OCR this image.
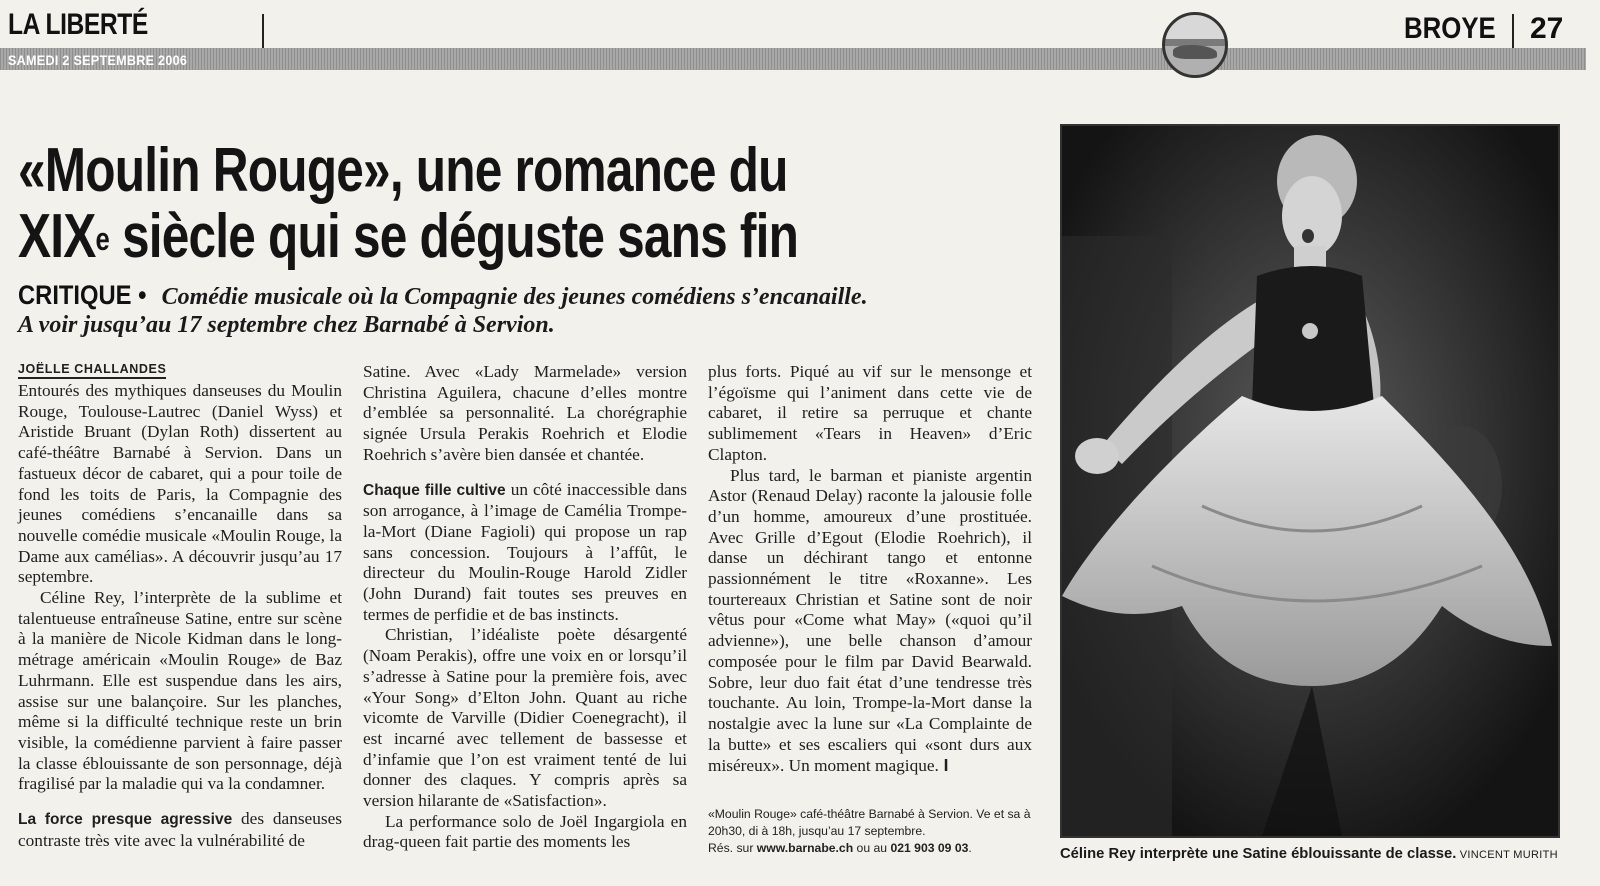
LA LIBERTÉ
SAMEDI 2 SEPTEMBRE 2006
BROYE 27
«Moulin Rouge», une romance du
XIXe siècle qui se déguste sans fin
CRITIQUE • Comédie musicale où la Compagnie des jeunes comédiens s’encanaille.
A voir jusqu’au 17 septembre chez Barnabé à Servion.
JOËLLE CHALLANDES

Entourés des mythiques danseuses du Moulin Rouge, Toulouse-Lautrec (Daniel Wyss) et Aristide Bruant (Dylan Roth) dissertent au café-théâtre Barnabé à Servion. Dans un fastueux décor de cabaret, qui a pour toile de fond les toits de Paris, la Compagnie des jeunes comédiens s’encanaille dans sa nouvelle comédie musicale «Moulin Rouge, la Dame aux camélias». A découvrir jusqu’au 17 septembre.

Céline Rey, l’interprète de la sublime et talentueuse entraîneuse Satine, entre sur scène à la manière de Nicole Kidman dans le long-métrage américain «Moulin Rouge» de Baz Luhrmann. Elle est suspendue dans les airs, assise sur une balançoire. Sur les planches, même si la difficulté technique reste un brin visible, la comédienne parvient à faire passer la classe éblouissante de son personnage, déjà fragilisé par la maladie qui va la condamner.

La force presque agressive des danseuses contraste très vite avec la vulnérabilité de

Satine. Avec «Lady Marmelade» version Christina Aguilera, chacune d’elles montre d’emblée sa personnalité. La chorégraphie signée Ursula Perakis Roehrich et Elodie Roehrich s’avère bien dansée et chantée.

Chaque fille cultive un côté inaccessible dans son arrogance, à l’image de Camélia Trompe-la-Mort (Diane Fagioli) qui propose un rap sans concession. Toujours à l’affût, le directeur du Moulin-Rouge Harold Zidler (John Durand) fait toutes ses preuves en termes de perfidie et de bas instincts.

Christian, l’idéaliste poète désargenté (Noam Perakis), offre une voix en or lorsqu’il s’adresse à Satine pour la première fois, avec «Your Song» d’Elton John. Quant au riche vicomte de Varville (Didier Coenegracht), il est incarné avec tellement de bassesse et d’infamie que l’on est vraiment tenté de lui donner des claques. Y compris après sa version hilarante de «Satisfaction».

La performance solo de Joël Ingargiola en drag-queen fait partie des moments les

plus forts. Piqué au vif sur le mensonge et l’égoïsme qui l’animent dans cette vie de cabaret, il retire sa perruque et chante sublimement «Tears in Heaven» d’Eric Clapton.

Plus tard, le barman et pianiste argentin Astor (Renaud Delay) raconte la jalousie folle d’un homme, amoureux d’une prostituée. Avec Grille d’Egout (Elodie Roehrich), il danse un déchirant tango et entonne passionnément le titre «Roxanne». Les tourtereaux Christian et Satine sont de noir vêtus pour «Come what May» («quoi qu’il advienne»), une belle chanson d’amour composée pour le film par David Bearwald. Sobre, leur duo fait état d’une tendresse très touchante. Au loin, Trompe-la-Mort danse la nostalgie avec la lune sur «La Complainte de la butte» et ses escaliers qui «sont durs aux miséreux». Un moment magique. I

«Moulin Rouge» café-théâtre Barnabé à Servion. Ve et sa à 20h30, di à 18h, jusqu’au 17 septembre.
Rés. sur www.barnabe.ch ou au 021 903 09 03.	Céline Rey interprète une Satine éblouissante de classe. VINCENT MURITH
